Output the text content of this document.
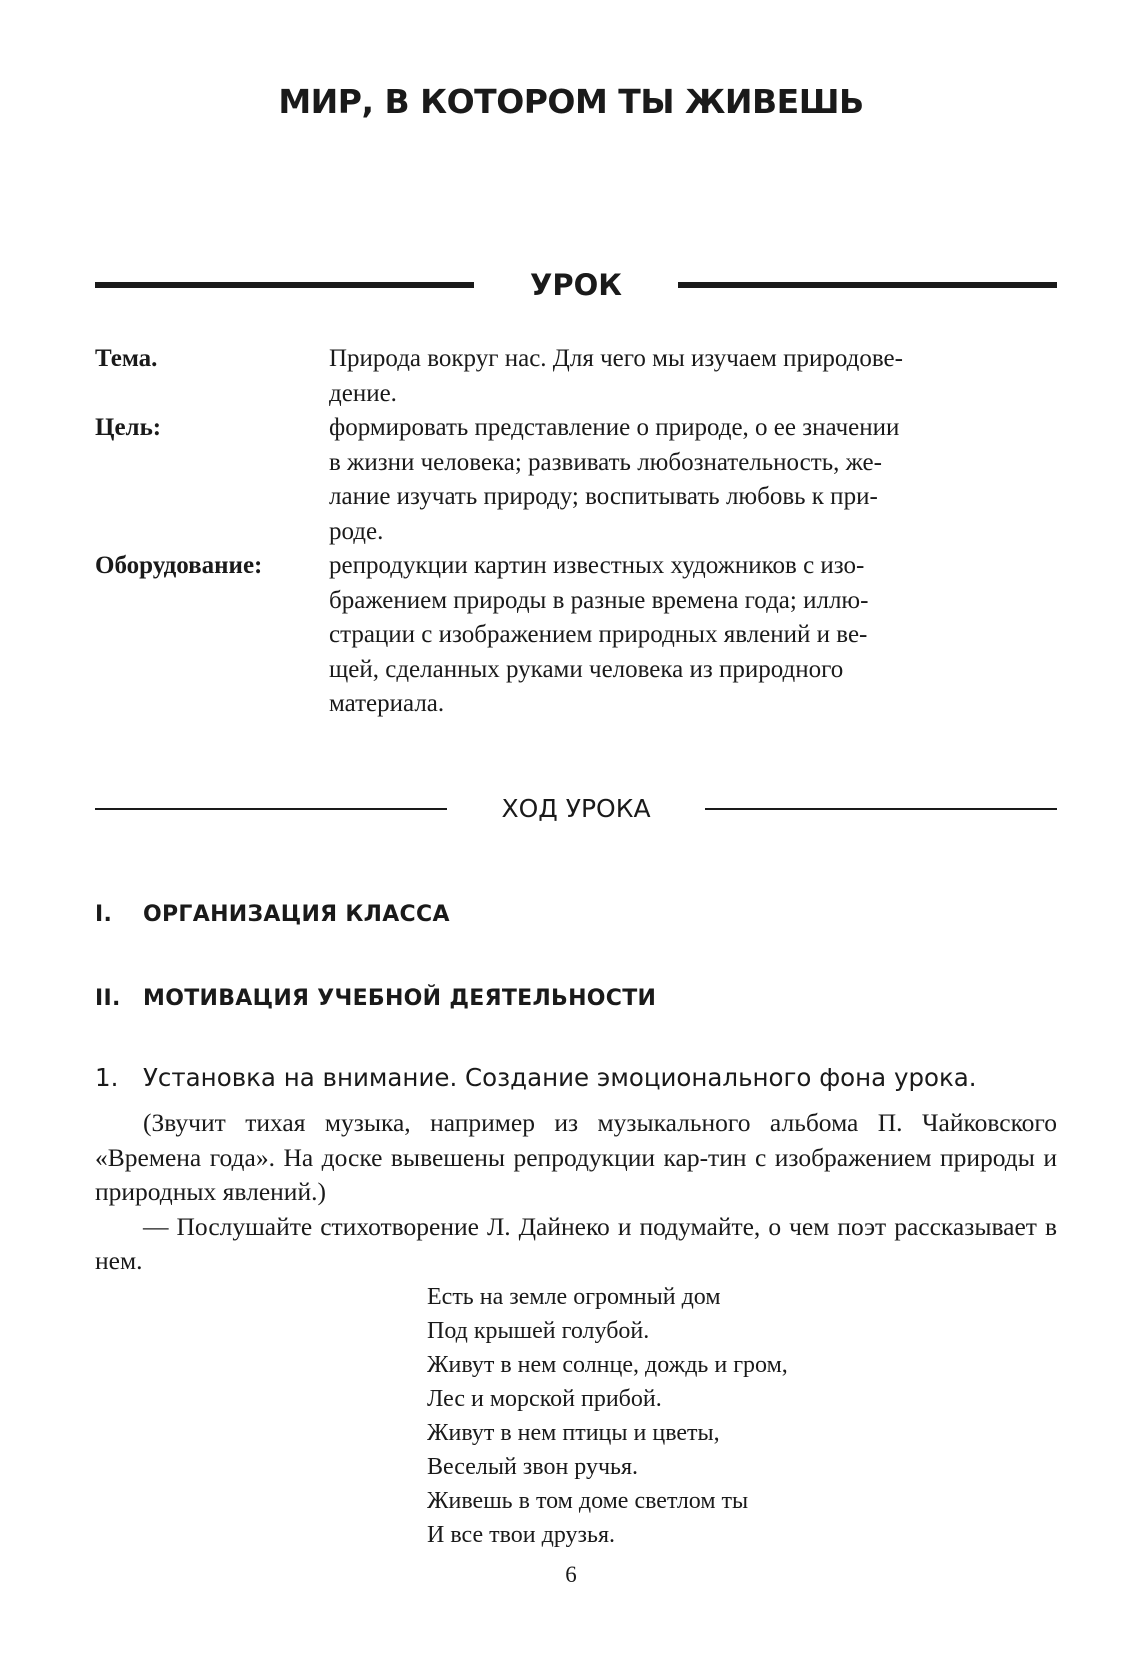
МИР, В КОТОРОМ ТЫ ЖИВЕШЬ
УРОК
Тема.	Природа вокруг нас. Для чего мы изучаем природове-
дение.
Цель:	формировать представление о природе, о ее значении
в жизни человека; развивать любознательность, же-
лание изучать природу; воспитывать любовь к при-
роде.
Оборудование:	репродукции картин известных художников с изо-
бражением природы в разные времена года; иллю-
страции с изображением природных явлений и ве-
щей, сделанных руками человека из природного
материала.
ХОД УРОКА
I. ОРГАНИЗАЦИЯ КЛАССА
II. МОТИВАЦИЯ УЧЕБНОЙ ДЕЯТЕЛЬНОСТИ
1. Установка на внимание. Создание эмоционального фона урока.

(Звучит тихая музыка, например из музыкального альбома П. Чайковского «Времена года». На доске вывешены репродукции кар-тин с изображением природы и природных явлений.)

— Послушайте стихотворение Л. Дайнеко и подумайте, о чем поэт рассказывает в нем.

Есть на земле огромный дом
Под крышей голубой.
Живут в нем солнце, дождь и гром,
Лес и морской прибой.
Живут в нем птицы и цветы,
Веселый звон ручья.
Живешь в том доме светлом ты
И все твои друзья.
6
